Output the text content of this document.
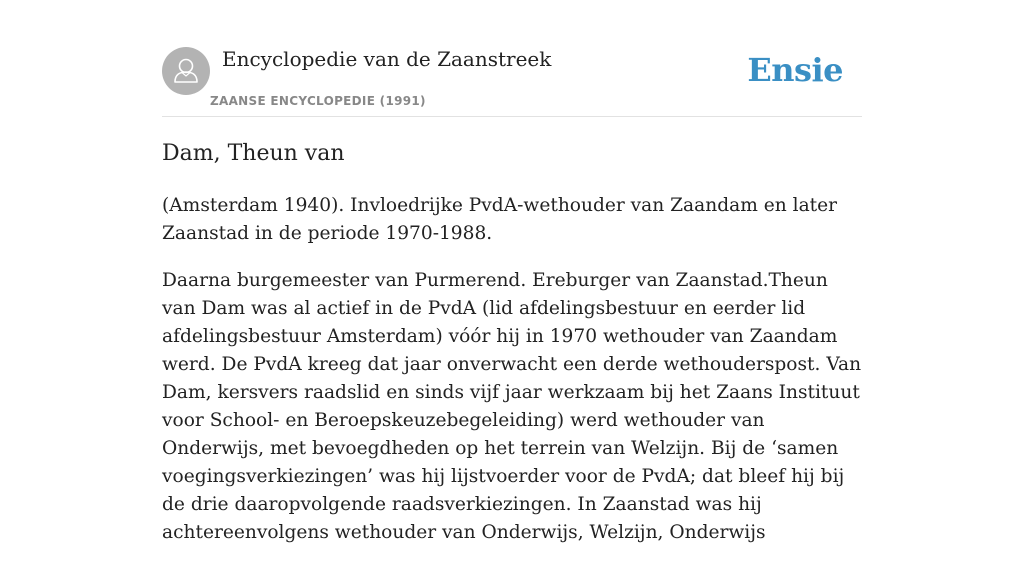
Encyclopedie van de Zaanstreek
ZAANSE ENCYCLOPEDIE (1991)
Ensie
Dam, Theun van

(Amsterdam 1940). Invloedrijke PvdA-wethouder van Zaandam en later Zaanstad in de periode 1970-1988.

Daarna burgemeester van Purmerend. Ereburger van Zaanstad.Theun van Dam was al actief in de PvdA (lid afdelingsbestuur en eerder lid afdelingsbestuur Amsterdam) vóór hij in 1970 wethouder van Zaandam werd. De PvdA kreeg dat jaar onverwacht een derde wethouderspost. Van Dam, kersvers raadslid en sinds vijf jaar werkzaam bij het Zaans Instituut voor School- en Beroepskeuzebegeleiding) werd wethouder van Onderwijs, met bevoegdheden op het terrein van Welzijn. Bij de ‘samen voegingsverkiezingen’ was hij lijstvoerder voor de PvdA; dat bleef hij bij de drie daaropvolgende raadsverkiezingen. In Zaanstad was hij achtereenvolgens wethouder van Onderwijs, Welzijn, Onderwijs
